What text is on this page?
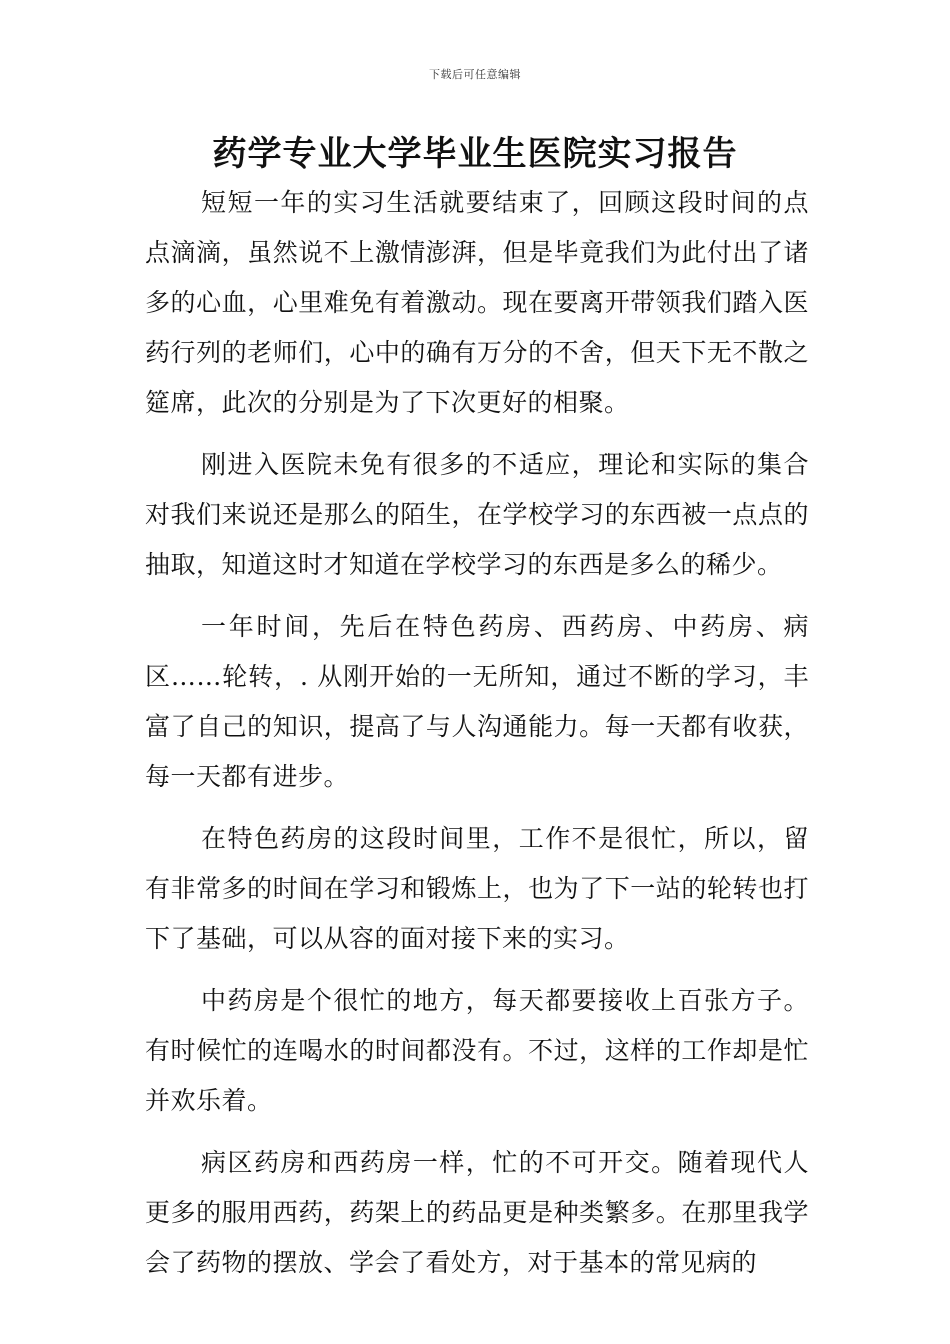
下载后可任意编辑
药学专业大学毕业生医院实习报告

短短一年的实习生活就要结束了，回顾这段时间的点点滴滴，虽然说不上激情澎湃，但是毕竟我们为此付出了诸多的心血，心里难免有着激动。现在要离开带领我们踏入医药行列的老师们，心中的确有万分的不舍，但天下无不散之筵席，此次的分别是为了下次更好的相聚。

刚进入医院未免有很多的不适应，理论和实际的集合对我们来说还是那么的陌生，在学校学习的东西被一点点的抽取，知道这时才知道在学校学习的东西是多么的稀少。

一年时间，先后在特色药房、西药房、中药房、病区……轮转，. 从刚开始的一无所知，通过不断的学习，丰富了自己的知识，提高了与人沟通能力。每一天都有收获，每一天都有进步。

在特色药房的这段时间里，工作不是很忙，所以，留有非常多的时间在学习和锻炼上，也为了下一站的轮转也打下了基础，可以从容的面对接下来的实习。

中药房是个很忙的地方，每天都要接收上百张方子。有时候忙的连喝水的时间都没有。不过，这样的工作却是忙并欢乐着。

病区药房和西药房一样，忙的不可开交。随着现代人更多的服用西药，药架上的药品更是种类繁多。在那里我学会了药物的摆放、学会了看处方，对于基本的常见病的
